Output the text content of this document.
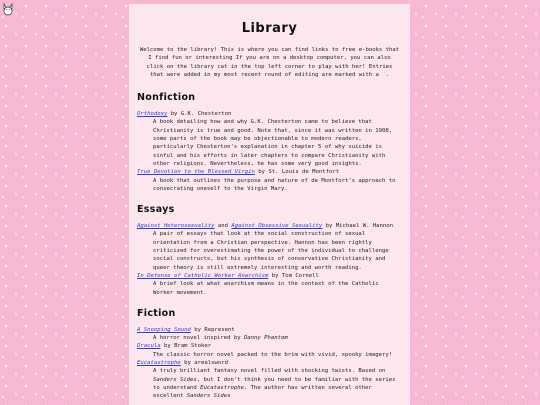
Library

Welcome to the library! This is where you can find links to free e-books that I find fun or interesting If you are on a desktop computer, you can also click on the library cat in the top left corner to play with her! Entries that were added in my most recent round of editing are marked with a ♡.

Nonfiction
Orthodoxy by G.K. Chesterton
A book detailing how and why G.K. Chesterton came to believe that Christianity is true and good. Note that, since it was written in 1908, some parts of the book may be objectionable to modern readers, particularly Chesterton's explanation in chapter 5 of why suicide is sinful and his efforts in later chapters to compare Christianity with other religions. Nevertheless, he has some very good insights.
True Devotion to the Blessed Virgin by St. Louis de Montfort
A book that outlines the purpose and nature of de Montfort's approach to consecrating oneself to the Virgin Mary.
Essays
Against Heterosexuality and Against Obsessive Sexuality by Michael W. Hannon
A pair of essays that look at the social construction of sexual orientation from a Christian perspective. Hannon has been rightly criticized for overestimating the power of the individual to challenge social constructs, but his synthesis of conservative Christianity and queer theory is still extremely interesting and worth reading.
In Defense of Catholic Worker Anarchism by Tom Cornell
A brief look at what anarchism means in the context of the Catholic Worker movement.
Fiction
A Snooping Sound by Represent
A horror novel inspired by Danny Phantom
Dracula by Bram Stoker
The classic horror novel packed to the brim with vivid, spooky imagery!
Eucatastrophe by arealsword
A truly brilliant fantasy novel filled with shocking twists. Based on Sanders Sides, but I don't think you need to be familiar with the series to understand Eucatastrophe. The author has written several other excellent Sanders Sides
